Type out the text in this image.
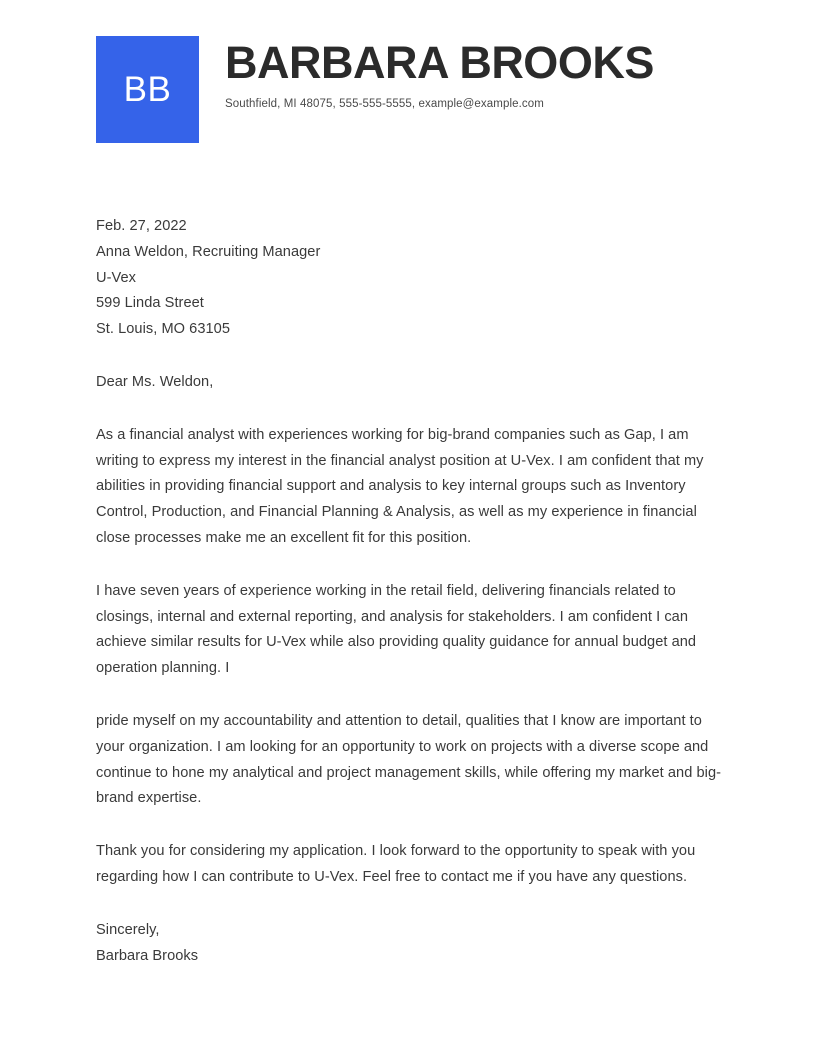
BB
BARBARA BROOKS

Southfield, MI 48075, 555-555-5555, example@example.com

Feb. 27, 2022
Anna Weldon, Recruiting Manager
U-Vex
599 Linda Street
St. Louis, MO 63105
Dear Ms. Weldon,

As a financial analyst with experiences working for big-brand companies such as Gap, I am writing to express my interest in the financial analyst position at U-Vex. I am confident that my abilities in providing financial support and analysis to key internal groups such as Inventory Control, Production, and Financial Planning & Analysis, as well as my experience in financial close processes make me an excellent fit for this position.

I have seven years of experience working in the retail field, delivering financials related to closings, internal and external reporting, and analysis for stakeholders. I am confident I can achieve similar results for U-Vex while also providing quality guidance for annual budget and operation planning. I

pride myself on my accountability and attention to detail, qualities that I know are important to your organization. I am looking for an opportunity to work on projects with a diverse scope and continue to hone my analytical and project management skills, while offering my market and big-brand expertise.

Thank you for considering my application. I look forward to the opportunity to speak with you regarding how I can contribute to U-Vex. Feel free to contact me if you have any questions.

Sincerely,
Barbara Brooks
